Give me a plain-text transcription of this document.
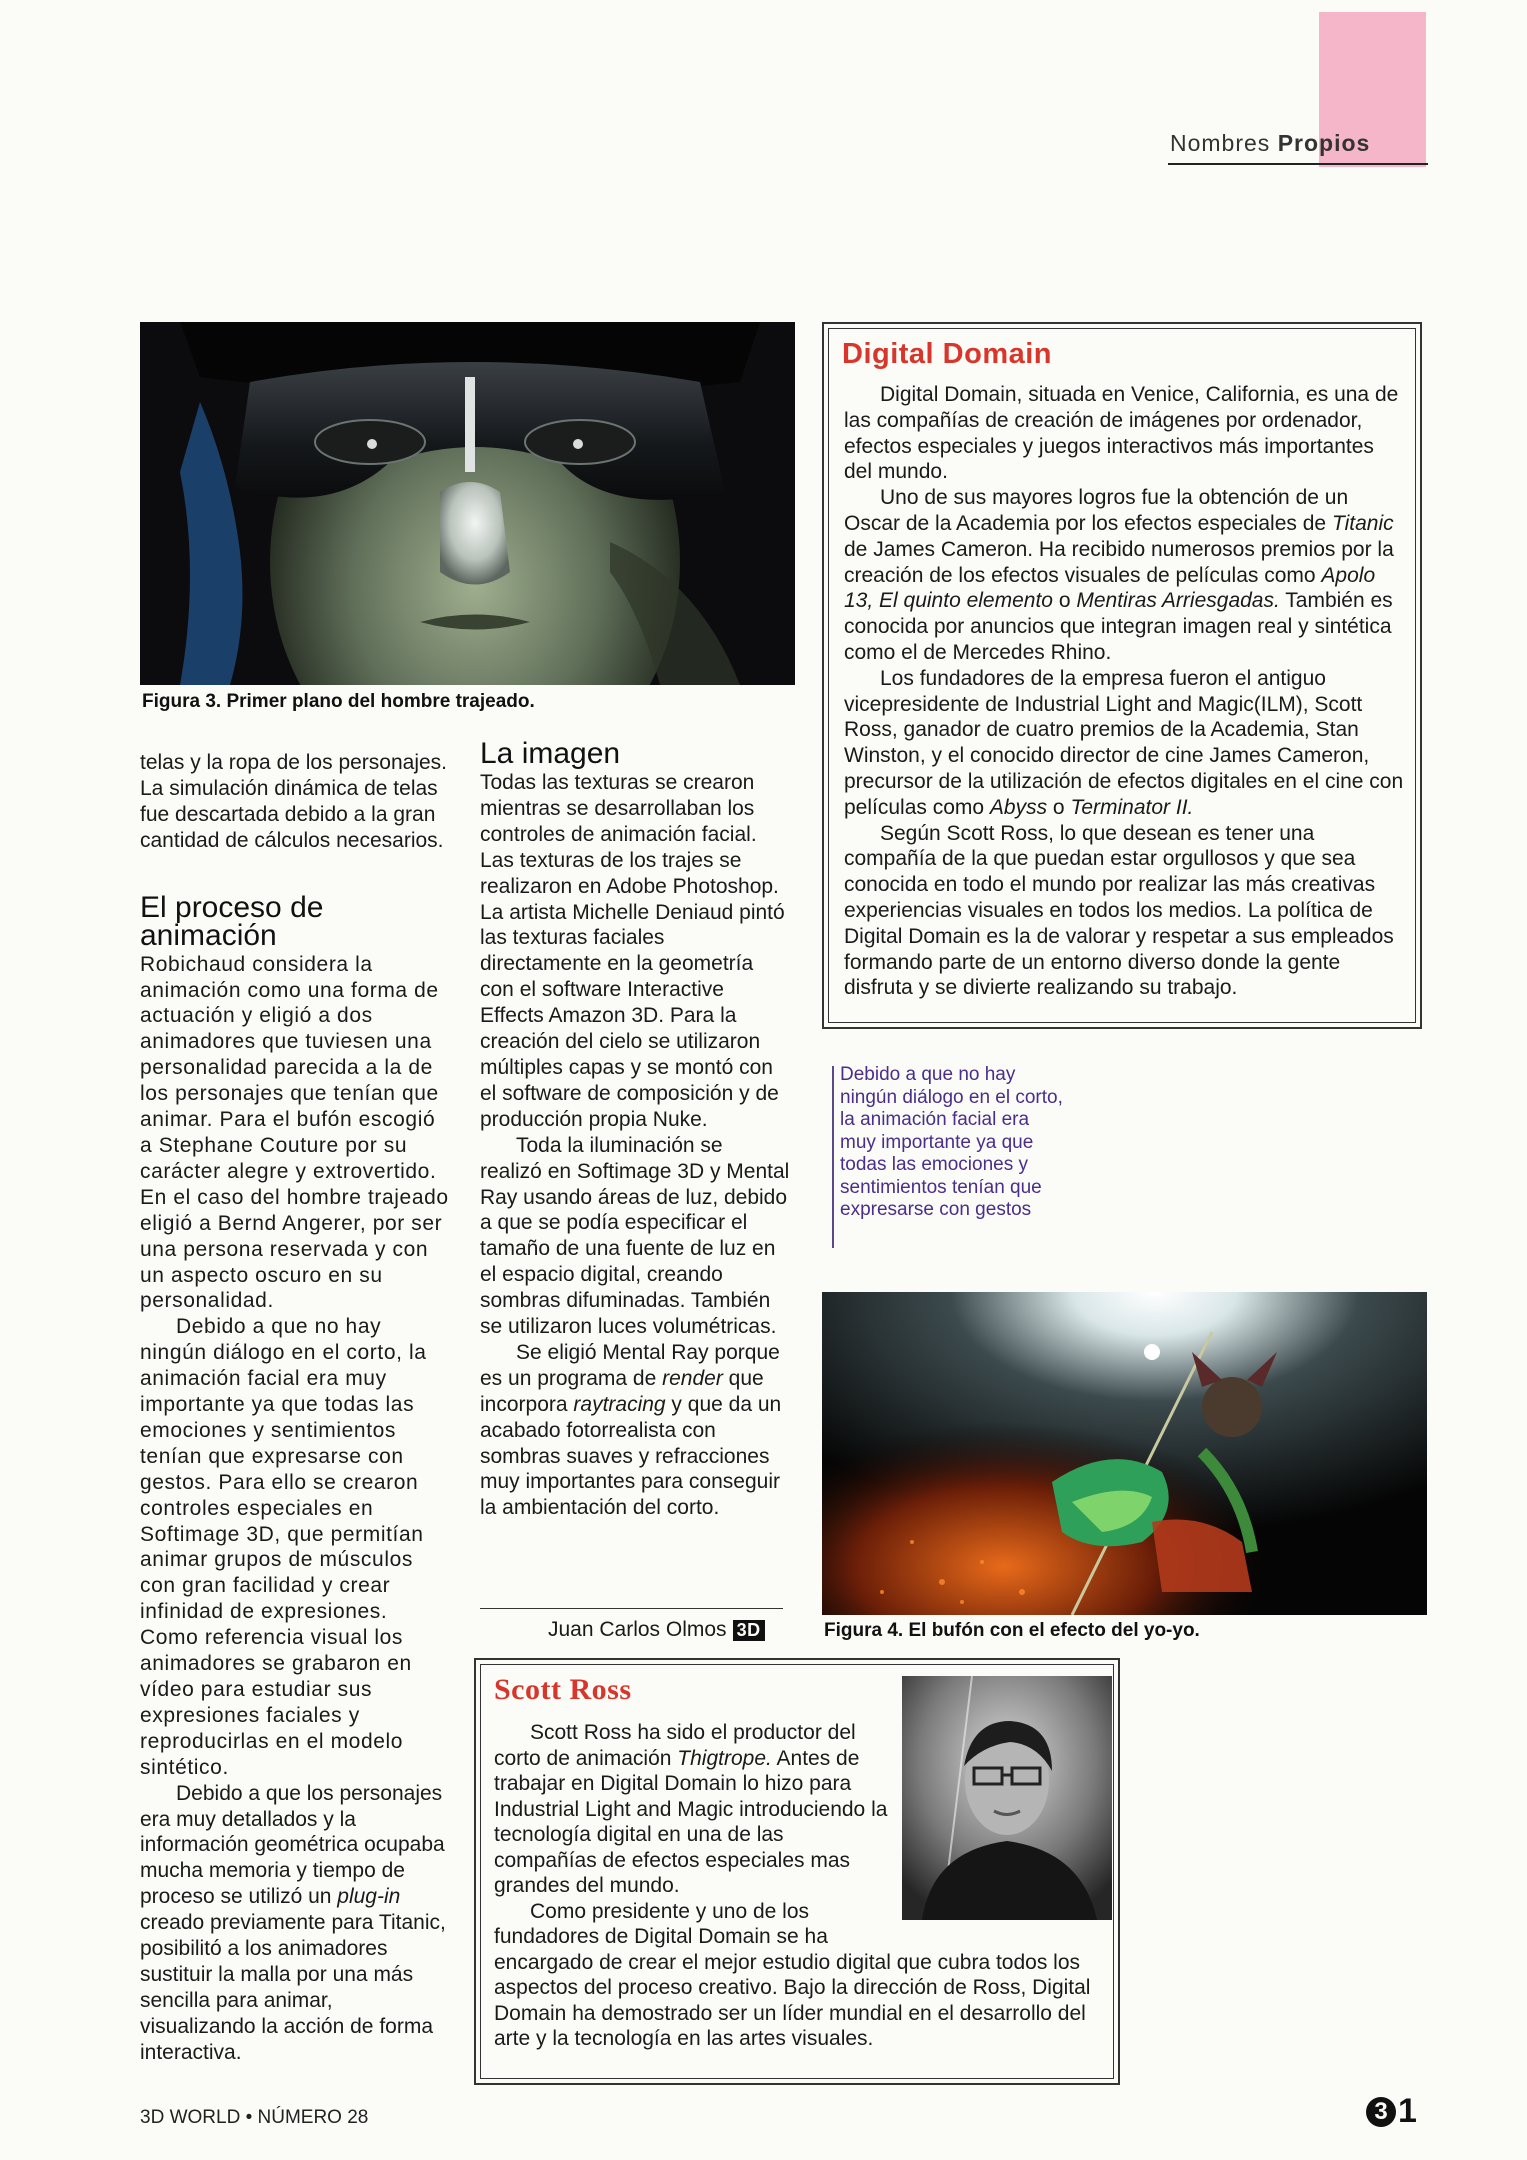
Nombres Propios
Figura 3. Primer plano del hombre trajeado.

telas y la ropa de los personajes. La simulación dinámica de telas fue descartada debido a la gran cantidad de cálculos necesarios.

El proceso de animación

Robichaud considera la animación como una forma de actuación y eligió a dos animadores que tuviesen una personalidad parecida a la de los personajes que tenían que animar. Para el bufón escogió a Stephane Couture por su carácter alegre y extrovertido. En el caso del hombre trajeado eligió a Bernd Angerer, por ser una persona reservada y con un aspecto oscuro en su personalidad.

Debido a que no hay ningún diálogo en el corto, la animación facial era muy importante ya que todas las emociones y sentimientos tenían que expresarse con gestos. Para ello se crearon controles especiales en Softimage 3D, que permitían animar grupos de músculos con gran facilidad y crear infinidad de expresiones. Como referencia visual los animadores se grabaron en vídeo para estudiar sus expresiones faciales y reproducirlas en el modelo sintético.

Debido a que los personajes era muy detallados y la información geométrica ocupaba mucha memoria y tiempo de proceso se utilizó un plug-in creado previamente para Titanic, posibilitó a los animadores sustituir la malla por una más sencilla para animar, visualizando la acción de forma interactiva.

La imagen

Todas las texturas se crearon mientras se desarrollaban los controles de animación facial. Las texturas de los trajes se realizaron en Adobe Photoshop. La artista Michelle Deniaud pintó las texturas faciales directamente en la geometría con el software Interactive Effects Amazon 3D. Para la creación del cielo se utilizaron múltiples capas y se montó con el software de composición y de producción propia Nuke.

Toda la iluminación se realizó en Softimage 3D y Mental Ray usando áreas de luz, debido a que se podía especificar el tamaño de una fuente de luz en el espacio digital, creando sombras difuminadas. También se utilizaron luces volumétricas.

Se eligió Mental Ray porque es un programa de render que incorpora raytracing y que da un acabado fotorrealista con sombras suaves y refracciones muy importantes para conseguir la ambientación del corto.

Juan Carlos Olmos 3D
Digital Domain

Digital Domain, situada en Venice, California, es una de las compañías de creación de imágenes por ordenador, efectos especiales y juegos interactivos más importantes del mundo.

Uno de sus mayores logros fue la obtención de un Oscar de la Academia por los efectos especiales de Titanic de James Cameron. Ha recibido numerosos premios por la creación de los efectos visuales de películas como Apolo 13, El quinto elemento o Mentiras Arriesgadas. También es conocida por anuncios que integran imagen real y sintética como el de Mercedes Rhino.

Los fundadores de la empresa fueron el antiguo vicepresidente de Industrial Light and Magic(ILM), Scott Ross, ganador de cuatro premios de la Academia, Stan Winston, y el conocido director de cine James Cameron, precursor de la utilización de efectos digitales en el cine con películas como Abyss o Terminator II.

Según Scott Ross, lo que desean es tener una compañía de la que puedan estar orgullosos y que sea conocida en todo el mundo por realizar las más creativas experiencias visuales en todos los medios. La política de Digital Domain es la de valorar y respetar a sus empleados formando parte de un entorno diverso donde la gente disfruta y se divierte realizando su trabajo.

Debido a que no hay ningún diálogo en el corto, la animación facial era muy importante ya que todas las emociones y sentimientos tenían que expresarse con gestos
Figura 4. El bufón con el efecto del yo-yo.
Scott Ross

Scott Ross ha sido el productor del corto de animación Thigtrope. Antes de trabajar en Digital Domain lo hizo para Industrial Light and Magic introduciendo la tecnología digital en una de las compañías de efectos especiales mas grandes del mundo.

Como presidente y uno de los fundadores de Digital Domain se ha

encargado de crear el mejor estudio digital que cubra todos los aspectos del proceso creativo. Bajo la dirección de Ross, Digital Domain ha demostrado ser un líder mundial en el desarrollo del arte y la tecnología en las artes visuales.

3D WORLD • NÚMERO 28	3 1
